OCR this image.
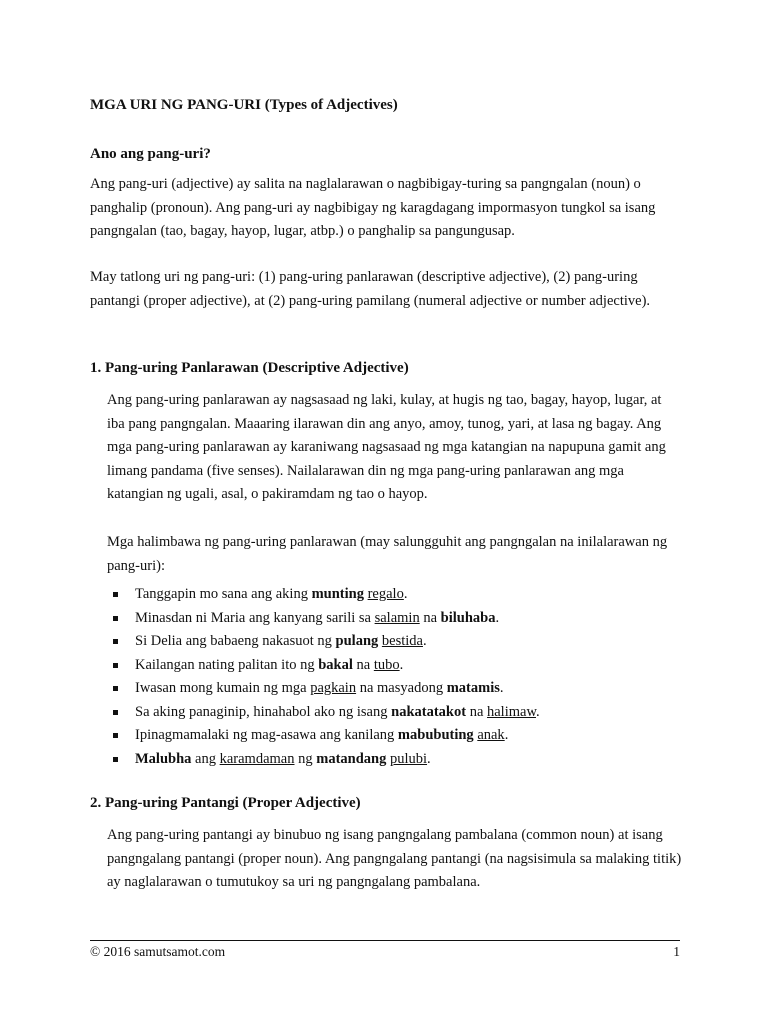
MGA URI NG PANG-URI (Types of Adjectives)
Ano ang pang-uri?
Ang pang-uri (adjective) ay salita na naglalarawan o nagbibigay-turing sa pangngalan (noun) o panghalip (pronoun). Ang pang-uri ay nagbibigay ng karagdagang impormasyon tungkol sa isang pangngalan (tao, bagay, hayop, lugar, atbp.) o panghalip sa pangungusap.
May tatlong uri ng pang-uri: (1) pang-uring panlarawan (descriptive adjective), (2) pang-uring pantangi (proper adjective), at (2) pang-uring pamilang (numeral adjective or number adjective).
1. Pang-uring Panlarawan (Descriptive Adjective)
Ang pang-uring panlarawan ay nagsasaad ng laki, kulay, at hugis ng tao, bagay, hayop, lugar, at iba pang pangngalan. Maaaring ilarawan din ang anyo, amoy, tunog, yari, at lasa ng bagay. Ang mga pang-uring panlarawan ay karaniwang nagsasaad ng mga katangian na napupuna gamit ang limang pandama (five senses). Nailalarawan din ng mga pang-uring panlarawan ang mga katangian ng ugali, asal, o pakiramdam ng tao o hayop.
Mga halimbawa ng pang-uring panlarawan (may salungguhit ang pangngalan na inilalarawan ng pang-uri):
Tanggapin mo sana ang aking munting regalo.
Minasdan ni Maria ang kanyang sarili sa salamin na biluhaba.
Si Delia ang babaeng nakasuot ng pulang bestida.
Kailangan nating palitan ito ng bakal na tubo.
Iwasan mong kumain ng mga pagkain na masyadong matamis.
Sa aking panaginip, hinahabol ako ng isang nakatatakot na halimaw.
Ipinagmamalaki ng mag-asawa ang kanilang mabubuting anak.
Malubha ang karamdaman ng matandang pulubi.
2. Pang-uring Pantangi (Proper Adjective)
Ang pang-uring pantangi ay binubuo ng isang pangngalang pambalana (common noun) at isang pangngalang pantangi (proper noun). Ang pangngalang pantangi (na nagsisimula sa malaking titik) ay naglalarawan o tumutukoy sa uri ng pangngalang pambalana.
© 2016 samutsamot.com	1
